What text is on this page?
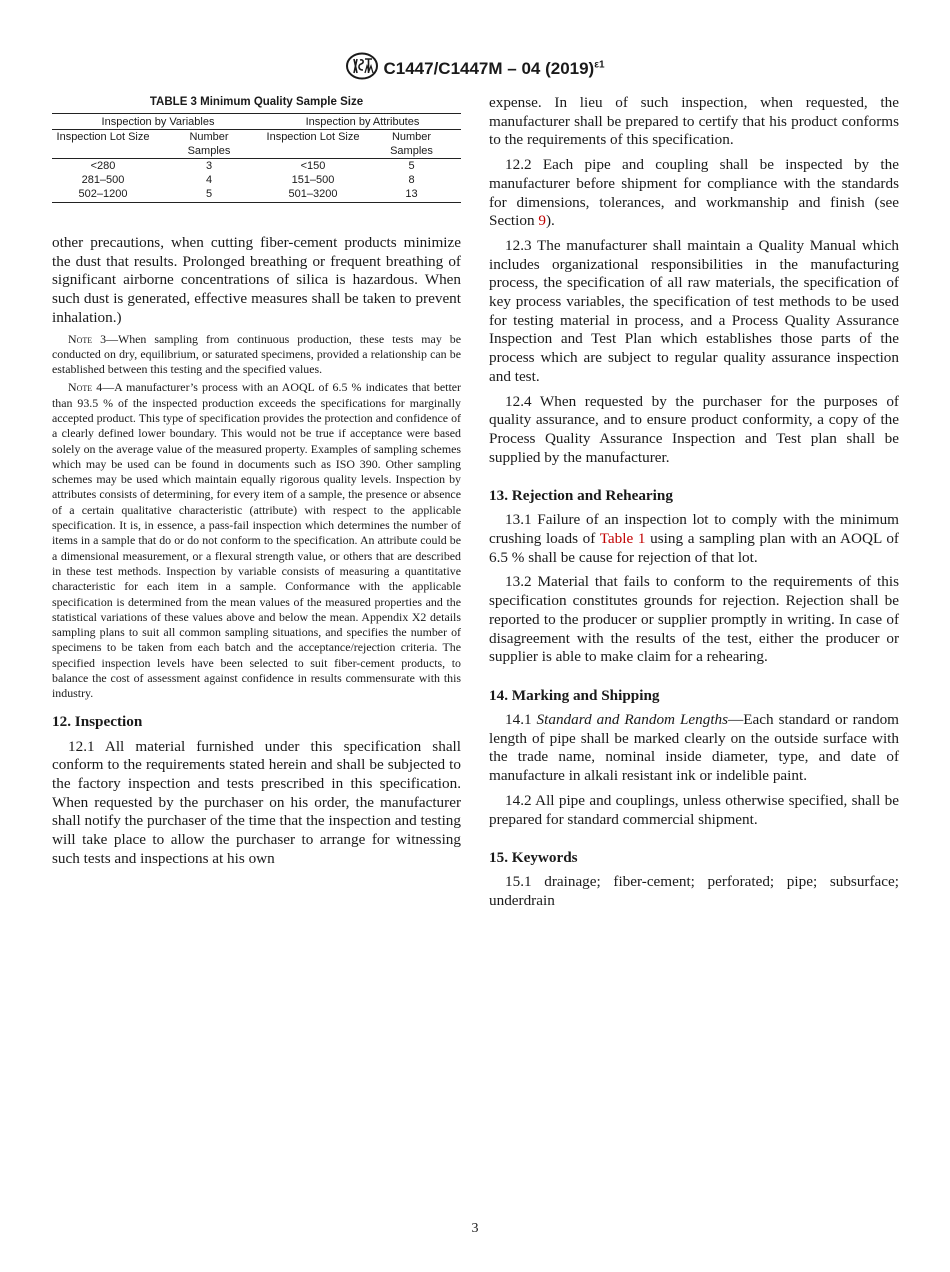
C1447/C1447M – 04 $(2019)^{\varepsilon 1}$
TABLE 3 Minimum Quality Sample Size
Inspection by Variables		Inspection by Attributes	
Inspection Lot Size	Number Samples	Inspection Lot Size	Number Samples
<280	3	<150	5
281–500	4	151–500	8
502–1200	5	501–3200	13

other precautions, when cutting fiber-cement products minimize the dust that results. Prolonged breathing or frequent breathing of significant airborne concentrations of silica is hazardous. When such dust is generated, effective measures shall be taken to prevent inhalation.)

Note 3—When sampling from continuous production, these tests may be conducted on dry, equilibrium, or saturated specimens, provided a relationship can be established between this testing and the specified values.

Note 4—A manufacturer’s process with an AOQL of 6.5 % indicates that better than 93.5 % of the inspected production exceeds the specifications for marginally accepted product. This type of specification provides the protection and confidence of a clearly defined lower boundary. This would not be true if acceptance were based solely on the average value of the measured property. Examples of sampling schemes which may be used can be found in documents such as ISO 390. Other sampling schemes may be used which maintain equally rigorous quality levels. Inspection by attributes consists of determining, for every item of a sample, the presence or absence of a certain qualitative characteristic (attribute) with respect to the applicable specification. It is, in essence, a pass-fail inspection which determines the number of items in a sample that do or do not conform to the specification. An attribute could be a dimensional measurement, or a flexural strength value, or others that are described in these test methods. Inspection by variable consists of measuring a quantitative characteristic for each item in a sample. Conformance with the applicable specification is determined from the mean values of the measured properties and the statistical variations of these values above and below the mean. Appendix X2 details sampling plans to suit all common sampling situations, and specifies the number of specimens to be taken from each batch and the acceptance/rejection criteria. The specified inspection levels have been selected to suit fiber-cement products, to balance the cost of assessment against confidence in results commensurate with this industry.

12. Inspection

12.1 All material furnished under this specification shall conform to the requirements stated herein and shall be subjected to the factory inspection and tests prescribed in this specification. When requested by the purchaser on his order, the manufacturer shall notify the purchaser of the time that the inspection and testing will take place to allow the purchaser to arrange for witnessing such tests and inspections at his own

expense. In lieu of such inspection, when requested, the manufacturer shall be prepared to certify that his product conforms to the requirements of this specification.

12.2 Each pipe and coupling shall be inspected by the manufacturer before shipment for compliance with the standards for dimensions, tolerances, and workmanship and finish (see Section 9).

12.3 The manufacturer shall maintain a Quality Manual which includes organizational responsibilities in the manufacturing process, the specification of all raw materials, the specification of key process variables, the specification of test methods to be used for testing material in process, and a Process Quality Assurance Inspection and Test Plan which establishes those parts of the process which are subject to regular quality assurance inspection and test.

12.4 When requested by the purchaser for the purposes of quality assurance, and to ensure product conformity, a copy of the Process Quality Assurance Inspection and Test plan shall be supplied by the manufacturer.

13. Rejection and Rehearing

13.1 Failure of an inspection lot to comply with the minimum crushing loads of Table 1 using a sampling plan with an AOQL of 6.5 % shall be cause for rejection of that lot.

13.2 Material that fails to conform to the requirements of this specification constitutes grounds for rejection. Rejection shall be reported to the producer or supplier promptly in writing. In case of disagreement with the results of the test, either the producer or supplier is able to make claim for a rehearing.

14. Marking and Shipping

14.1 Standard and Random Lengths—Each standard or random length of pipe shall be marked clearly on the outside surface with the trade name, nominal inside diameter, type, and date of manufacture in alkali resistant ink or indelible paint.

14.2 All pipe and couplings, unless otherwise specified, shall be prepared for standard commercial shipment.

15. Keywords

15.1 drainage; fiber-cement; perforated; pipe; subsurface; underdrain

3
